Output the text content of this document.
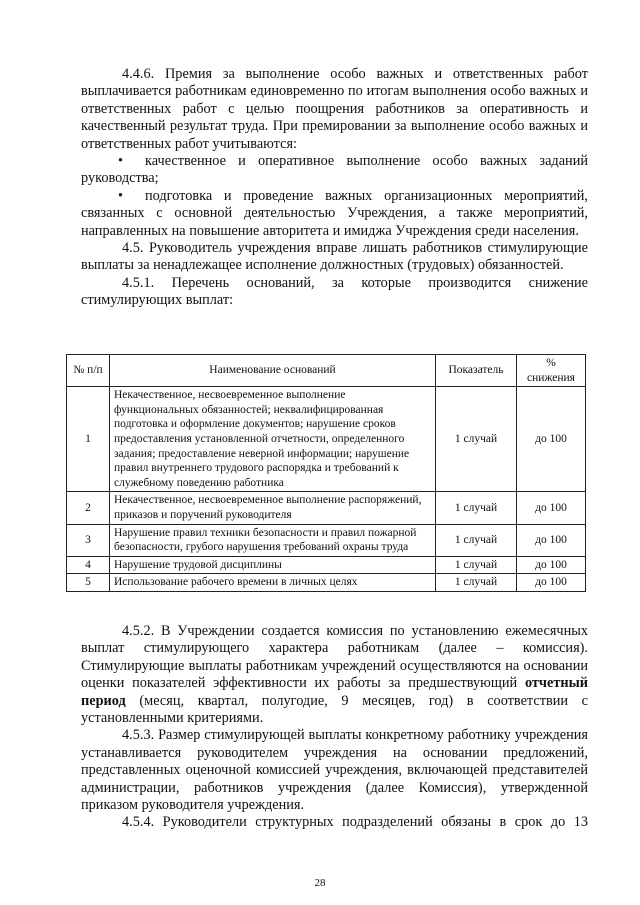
4.4.6. Премия за выполнение особо важных и ответственных работ выплачивается работникам единовременно по итогам выполнения особо важных и ответственных работ с целью поощрения работников за оперативность и качественный результат труда. При премировании за выполнение особо важных и ответственных работ учитываются:

• качественное и оперативное выполнение особо важных заданий руководства;

• подготовка и проведение важных организационных мероприятий, связанных с основной деятельностью Учреждения, а также мероприятий, направленных на повышение авторитета и имиджа Учреждения среди населения.

4.5. Руководитель учреждения вправе лишать работников стимулирующие выплаты за ненадлежащее исполнение должностных (трудовых) обязанностей.

4.5.1. Перечень оснований, за которые производится снижение стимулирующих выплат:

№ п/п	Наименование оснований	Показатель	% снижения
1	Некачественное, несвоевременное выполнение функциональных обязанностей; неквалифицированная подготовка и оформление документов; нарушение сроков предоставления установленной отчетности, определенного задания; предоставление неверной информации; нарушение правил внутреннего трудового распорядка и требований к служебному поведению работника	1 случай	до 100
2	Некачественное, несвоевременное выполнение распоряжений, приказов и поручений руководителя	1 случай	до 100
3	Нарушение правил техники безопасности и правил пожарной безопасности, грубого нарушения требований охраны труда	1 случай	до 100
4	Нарушение трудовой дисциплины	1 случай	до 100
5	Использование рабочего времени в личных целях	1 случай	до 100

4.5.2. В Учреждении создается комиссия по установлению ежемесячных выплат стимулирующего характера работникам (далее – комиссия). Стимулирующие выплаты работникам учреждений осуществляются на основании оценки показателей эффективности их работы за предшествующий отчетный период (месяц, квартал, полугодие, 9 месяцев, год) в соответствии с установленными критериями.

4.5.3. Размер стимулирующей выплаты конкретному работнику учреждения устанавливается руководителем учреждения на основании предложений, представленных оценочной комиссией учреждения, включающей представителей администрации, работников учреждения (далее Комиссия), утвержденной приказом руководителя учреждения.

4.5.4. Руководители структурных подразделений обязаны в срок до 13

28
